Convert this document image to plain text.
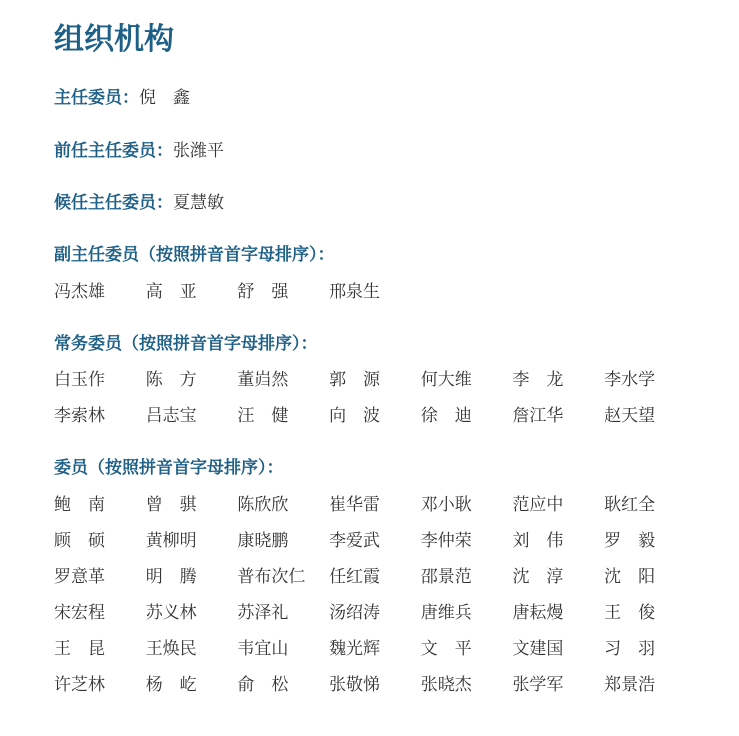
组织机构
主任委员：倪　鑫
前任主任委员：张潍平
候任主任委员：夏慧敏
副主任委员（按照拼音首字母排序）：
冯杰雄	高　亚	舒　强	邢泉生
常务委员（按照拼音首字母排序）：
白玉作	陈　方	董岿然	郭　源	何大维	李　龙	李水学
李索林	吕志宝	汪　健	向　波	徐　迪	詹江华	赵天望
委员（按照拼音首字母排序）：
鲍　南	曾　骐	陈欣欣	崔华雷	邓小耿	范应中	耿红全
顾　硕	黄柳明	康晓鹏	李爱武	李仲荣	刘　伟	罗　毅
罗意革	明　腾	普布次仁	任红霞	邵景范	沈　淳	沈　阳
宋宏程	苏义林	苏泽礼	汤绍涛	唐维兵	唐耘熳	王　俊
王　昆	王焕民	韦宜山	魏光辉	文　平	文建国	习　羽
许芝林	杨　屹	俞　松	张敬悌	张晓杰	张学军	郑景浩
